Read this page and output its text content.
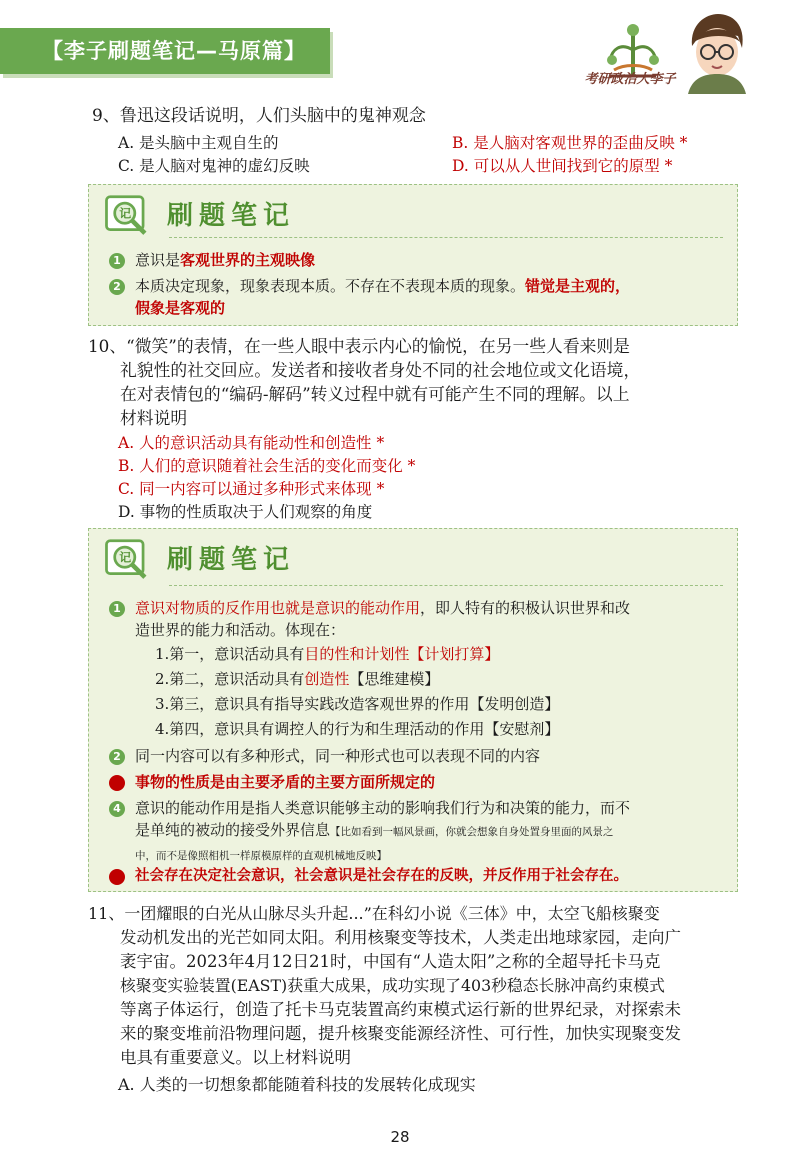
【李子刷题笔记—马原篇】
考研政治大李子
9、鲁迅这段话说明，人们头脑中的鬼神观念
A. 是头脑中主观自生的	B. 是人脑对客观世界的歪曲反映 *
C. 是人脑对鬼神的虚幻反映	D. 可以从人世间找到它的原型 *
记 刷题笔记
1 意识是客观世界的主观映像
2 本质决定现象，现象表现本质。不存在不表现本质的现象。错觉是主观的，
假象是客观的
10、“微笑”的表情，在一些人眼中表示内心的愉悦，在另一些人看来则是
礼貌性的社交回应。发送者和接收者身处不同的社会地位或文化语境，
在对表情包的“编码-解码”转义过程中就有可能产生不同的理解。以上
材料说明
A. 人的意识活动具有能动性和创造性 *
B. 人们的意识随着社会生活的变化而变化 *
C. 同一内容可以通过多种形式来体现 *
D. 事物的性质取决于人们观察的角度
记 刷题笔记
1 意识对物质的反作用也就是意识的能动作用，即人特有的积极认识世界和改
造世界的能力和活动。体现在：
1.第一，意识活动具有目的性和计划性【计划打算】
2.第二，意识活动具有创造性【思维建模】
3.第三，意识具有指导实践改造客观世界的作用【发明创造】
4.第四，意识具有调控人的行为和生理活动的作用【安慰剂】
2 同一内容可以有多种形式，同一种形式也可以表现不同的内容
3 事物的性质是由主要矛盾的主要方面所规定的
4 意识的能动作用是指人类意识能够主动的影响我们行为和决策的能力，而不
是单纯的被动的接受外界信息【比如看到一幅风景画，你就会想象自身处置身里面的风景之
中，而不是像照相机一样原模原样的直观机械地反映】
5 社会存在决定社会意识，社会意识是社会存在的反映，并反作用于社会存在。
11、一团耀眼的白光从山脉尽头升起...”在科幻小说《三体》中，太空飞船核聚变
发动机发出的光芒如同太阳。利用核聚变等技术，人类走出地球家园，走向广
袤宇宙。2023年4月12日21时，中国有“人造太阳”之称的全超导托卡马克
核聚变实验装置(EAST)获重大成果，成功实现了403秒稳态长脉冲高约束模式
等离子体运行，创造了托卡马克装置高约束模式运行新的世界纪录，对探索未
来的聚变堆前沿物理问题，提升核聚变能源经济性、可行性，加快实现聚变发
电具有重要意义。以上材料说明
A. 人类的一切想象都能随着科技的发展转化成现实
28
